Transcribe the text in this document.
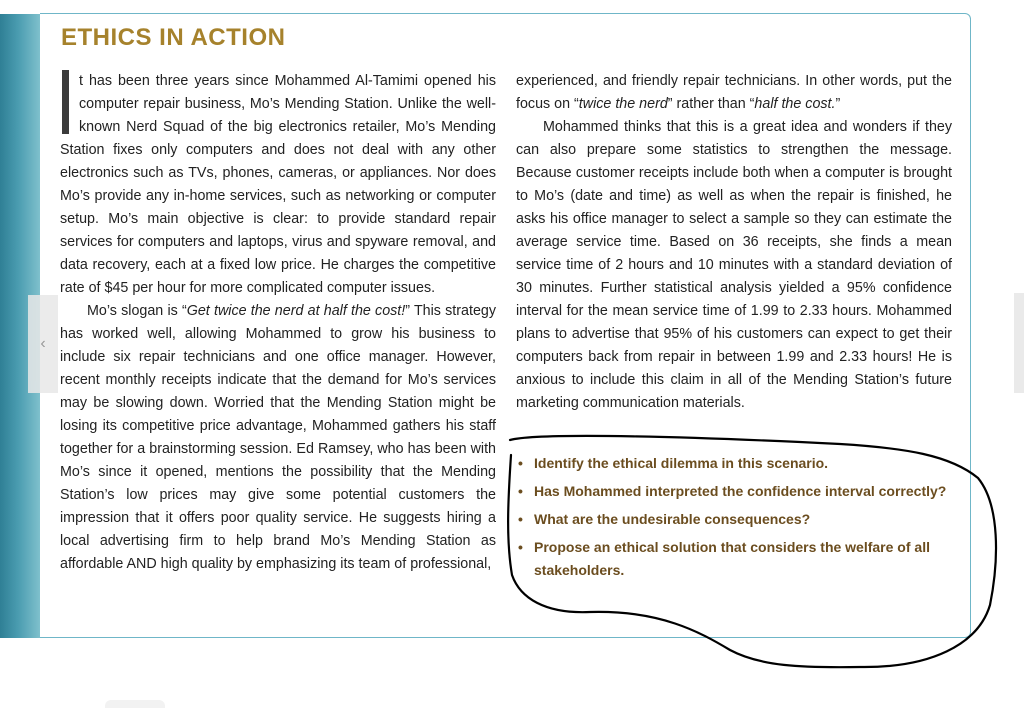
ETHICS IN ACTION

t has been three years since Mohammed Al-Tamimi opened his computer repair business, Mo’s Mending Station. Unlike the well-known Nerd Squad of the big electronics retailer, Mo’s Mending Station fixes only computers and does not deal with any other electronics such as TVs, phones, cameras, or appliances. Nor does Mo’s provide any in-home services, such as networking or computer setup. Mo’s main objective is clear: to provide standard repair services for computers and laptops, virus and spyware removal, and data recovery, each at a fixed low price. He charges the competitive rate of $45 per hour for more complicated computer issues.

Mo’s slogan is “Get twice the nerd at half the cost!” This strategy has worked well, allowing Mohammed to grow his business to include six repair technicians and one office manager. However, recent monthly receipts indicate that the demand for Mo’s services may be slowing down. Worried that the Mending Station might be losing its competitive price advantage, Mohammed gathers his staff together for a brainstorming session. Ed Ramsey, who has been with Mo’s since it opened, mentions the possibility that the Mending Station’s low prices may give some potential customers the impression that it offers poor quality service. He suggests hiring a local advertising firm to help brand Mo’s Mending Station as affordable AND high quality by emphasizing its team of professional,

experienced, and friendly repair technicians. In other words, put the focus on “twice the nerd” rather than “half the cost.”

Mohammed thinks that this is a great idea and wonders if they can also prepare some statistics to strengthen the message. Because customer receipts include both when a computer is brought to Mo’s (date and time) as well as when the repair is finished, he asks his office manager to select a sample so they can estimate the average service time. Based on 36 receipts, she finds a mean service time of 2 hours and 10 minutes with a standard deviation of 30 minutes. Further statistical analysis yielded a 95% confidence interval for the mean service time of 1.99 to 2.33 hours. Mohammed plans to advertise that 95% of his customers can expect to get their computers back from repair in between 1.99 and 2.33 hours! He is anxious to include this claim in all of the Mending Station’s future marketing communication materials.

• Identify the ethical dilemma in this scenario.
• Has Mohammed interpreted the confidence interval correctly?
• What are the undesirable consequences?
• Propose an ethical solution that considers the welfare of all stakeholders.
‹
